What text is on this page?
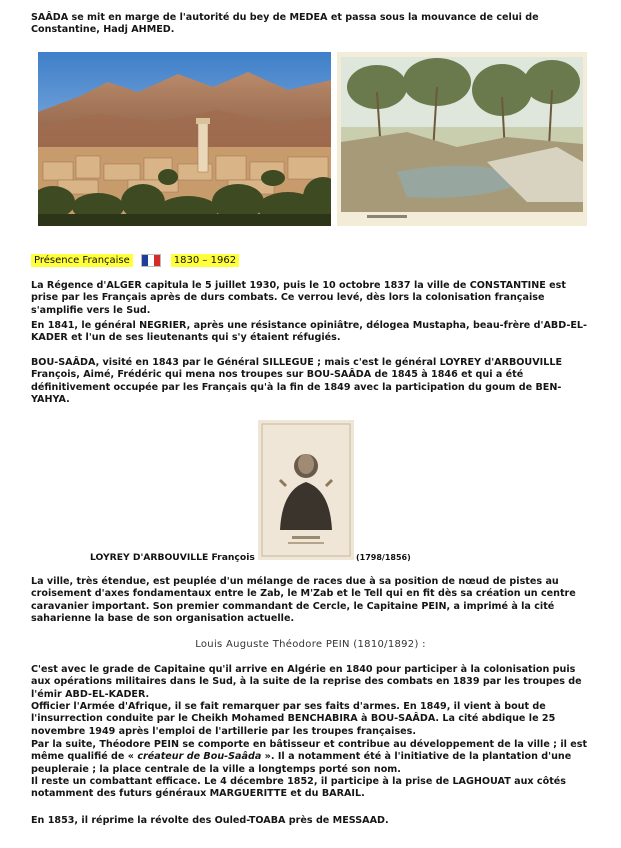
SAÂDA se mit en marge de l'autorité du bey de MEDEA et passa sous la mouvance de celui de Constantine, Hadj AHMED.
Présence Française	1830 – 1962
La Régence d'ALGER capitula le 5 juillet 1930, puis le 10 octobre 1837 la ville de CONSTANTINE est prise par les Français après de durs combats. Ce verrou levé, dès lors la colonisation française s'amplifie vers le Sud.
En 1841, le général NEGRIER, après une résistance opiniâtre, délogea Mustapha, beau-frère d'ABD-EL-KADER et l'un de ses lieutenants qui s'y étaient réfugiés.
BOU-SAÂDA, visité en 1843 par le Général SILLEGUE ; mais c'est le général LOYREY d'ARBOUVILLE François, Aimé, Frédéric qui mena nos troupes sur BOU-SAÂDA de 1845 à 1846 et qui a été définitivement occupée par les Français qu'à la fin de 1849 avec la participation du goum de BEN-YAHYA.
LOYREY D'ARBOUVILLE François	(1798/1856)
La ville, très étendue, est peuplée d'un mélange de races due à sa position de nœud de pistes au croisement d'axes fondamentaux entre le Zab, le M'Zab et le Tell qui en fit dès sa création un centre caravanier important. Son premier commandant de Cercle, le Capitaine PEIN, a imprimé à la cité saharienne la base de son organisation actuelle.
Louis Auguste Théodore PEIN (1810/1892) :
C'est avec le grade de Capitaine qu'il arrive en Algérie en 1840 pour participer à la colonisation puis aux opérations militaires dans le Sud, à la suite de la reprise des combats en 1839 par les troupes de l'émir ABD-EL-KADER.
Officier l'Armée d'Afrique, il se fait remarquer par ses faits d'armes. En 1849, il vient à bout de l'insurrection conduite par le Cheikh Mohamed BENCHABIRA à BOU-SAÂDA. La cité abdique le 25 novembre 1949 après l'emploi de l'artillerie par les troupes françaises.
Par la suite, Théodore PEIN se comporte en bâtisseur et contribue au développement de la ville ; il est même qualifié de « créateur de Bou-Saâda ». Il a notamment été à l'initiative de la plantation d'une peupleraie ; la place centrale de la ville a longtemps porté son nom.
Il reste un combattant efficace. Le 4 décembre 1852, il participe à la prise de LAGHOUAT aux côtés notamment des futurs généraux MARGUERITTE et du BARAIL.
En 1853, il réprime la révolte des Ouled-TOABA près de MESSAAD.
